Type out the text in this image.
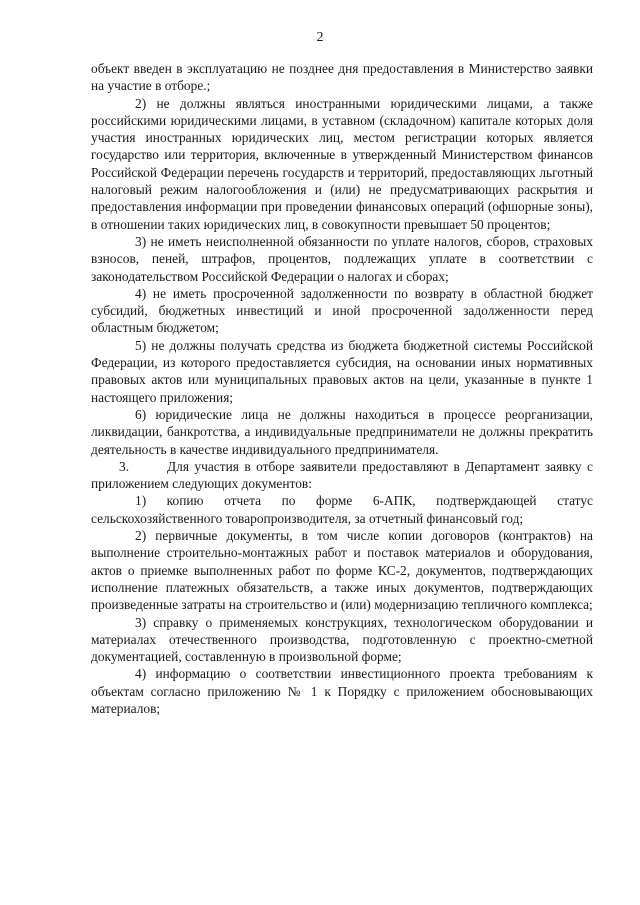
2

объект введен в эксплуатацию не позднее дня предоставления в Министерство заявки на участие в отборе.;

2) не должны являться иностранными юридическими лицами, а также российскими юридическими лицами, в уставном (складочном) капитале которых доля участия иностранных юридических лиц, местом регистрации которых является государство или территория, включенные в утвержденный Министерством финансов Российской Федерации перечень государств и территорий, предоставляющих льготный налоговый режим налогообложения и (или) не предусматривающих раскрытия и предоставления информации при проведении финансовых операций (офшорные зоны), в отношении таких юридических лиц, в совокупности превышает 50 процентов;

3) не иметь неисполненной обязанности по уплате налогов, сборов, страховых взносов, пеней, штрафов, процентов, подлежащих уплате в соответствии с законодательством Российской Федерации о налогах и сборах;

4) не иметь просроченной задолженности по возврату в областной бюджет субсидий, бюджетных инвестиций и иной просроченной задолженности перед областным бюджетом;

5) не должны получать средства из бюджета бюджетной системы Российской Федерации, из которого предоставляется субсидия, на основании иных нормативных правовых актов или муниципальных правовых актов на цели, указанные в пункте 1 настоящего приложения;

6) юридические лица не должны находиться в процессе реорганизации, ликвидации, банкротства, а индивидуальные предприниматели не должны прекратить деятельность в качестве индивидуального предпринимателя.

3.	Для участия в отборе заявители предоставляют в Департамент заявку с приложением следующих документов:

1) копию отчета по форме 6-АПК, подтверждающей статус сельскохозяйственного товаропроизводителя, за отчетный финансовый год;

2) первичные документы, в том числе копии договоров (контрактов) на выполнение строительно-монтажных работ и поставок материалов и оборудования, актов о приемке выполненных работ по форме КС-2, документов, подтверждающих исполнение платежных обязательств, а также иных документов, подтверждающих произведенные затраты на строительство и (или) модернизацию тепличного комплекса;

3) справку о применяемых конструкциях, технологическом оборудовании и материалах отечественного производства, подготовленную с проектно-сметной документацией, составленную в произвольной форме;

4) информацию о соответствии инвестиционного проекта требованиям к объектам согласно приложению № 1 к Порядку с приложением обосновывающих материалов;
